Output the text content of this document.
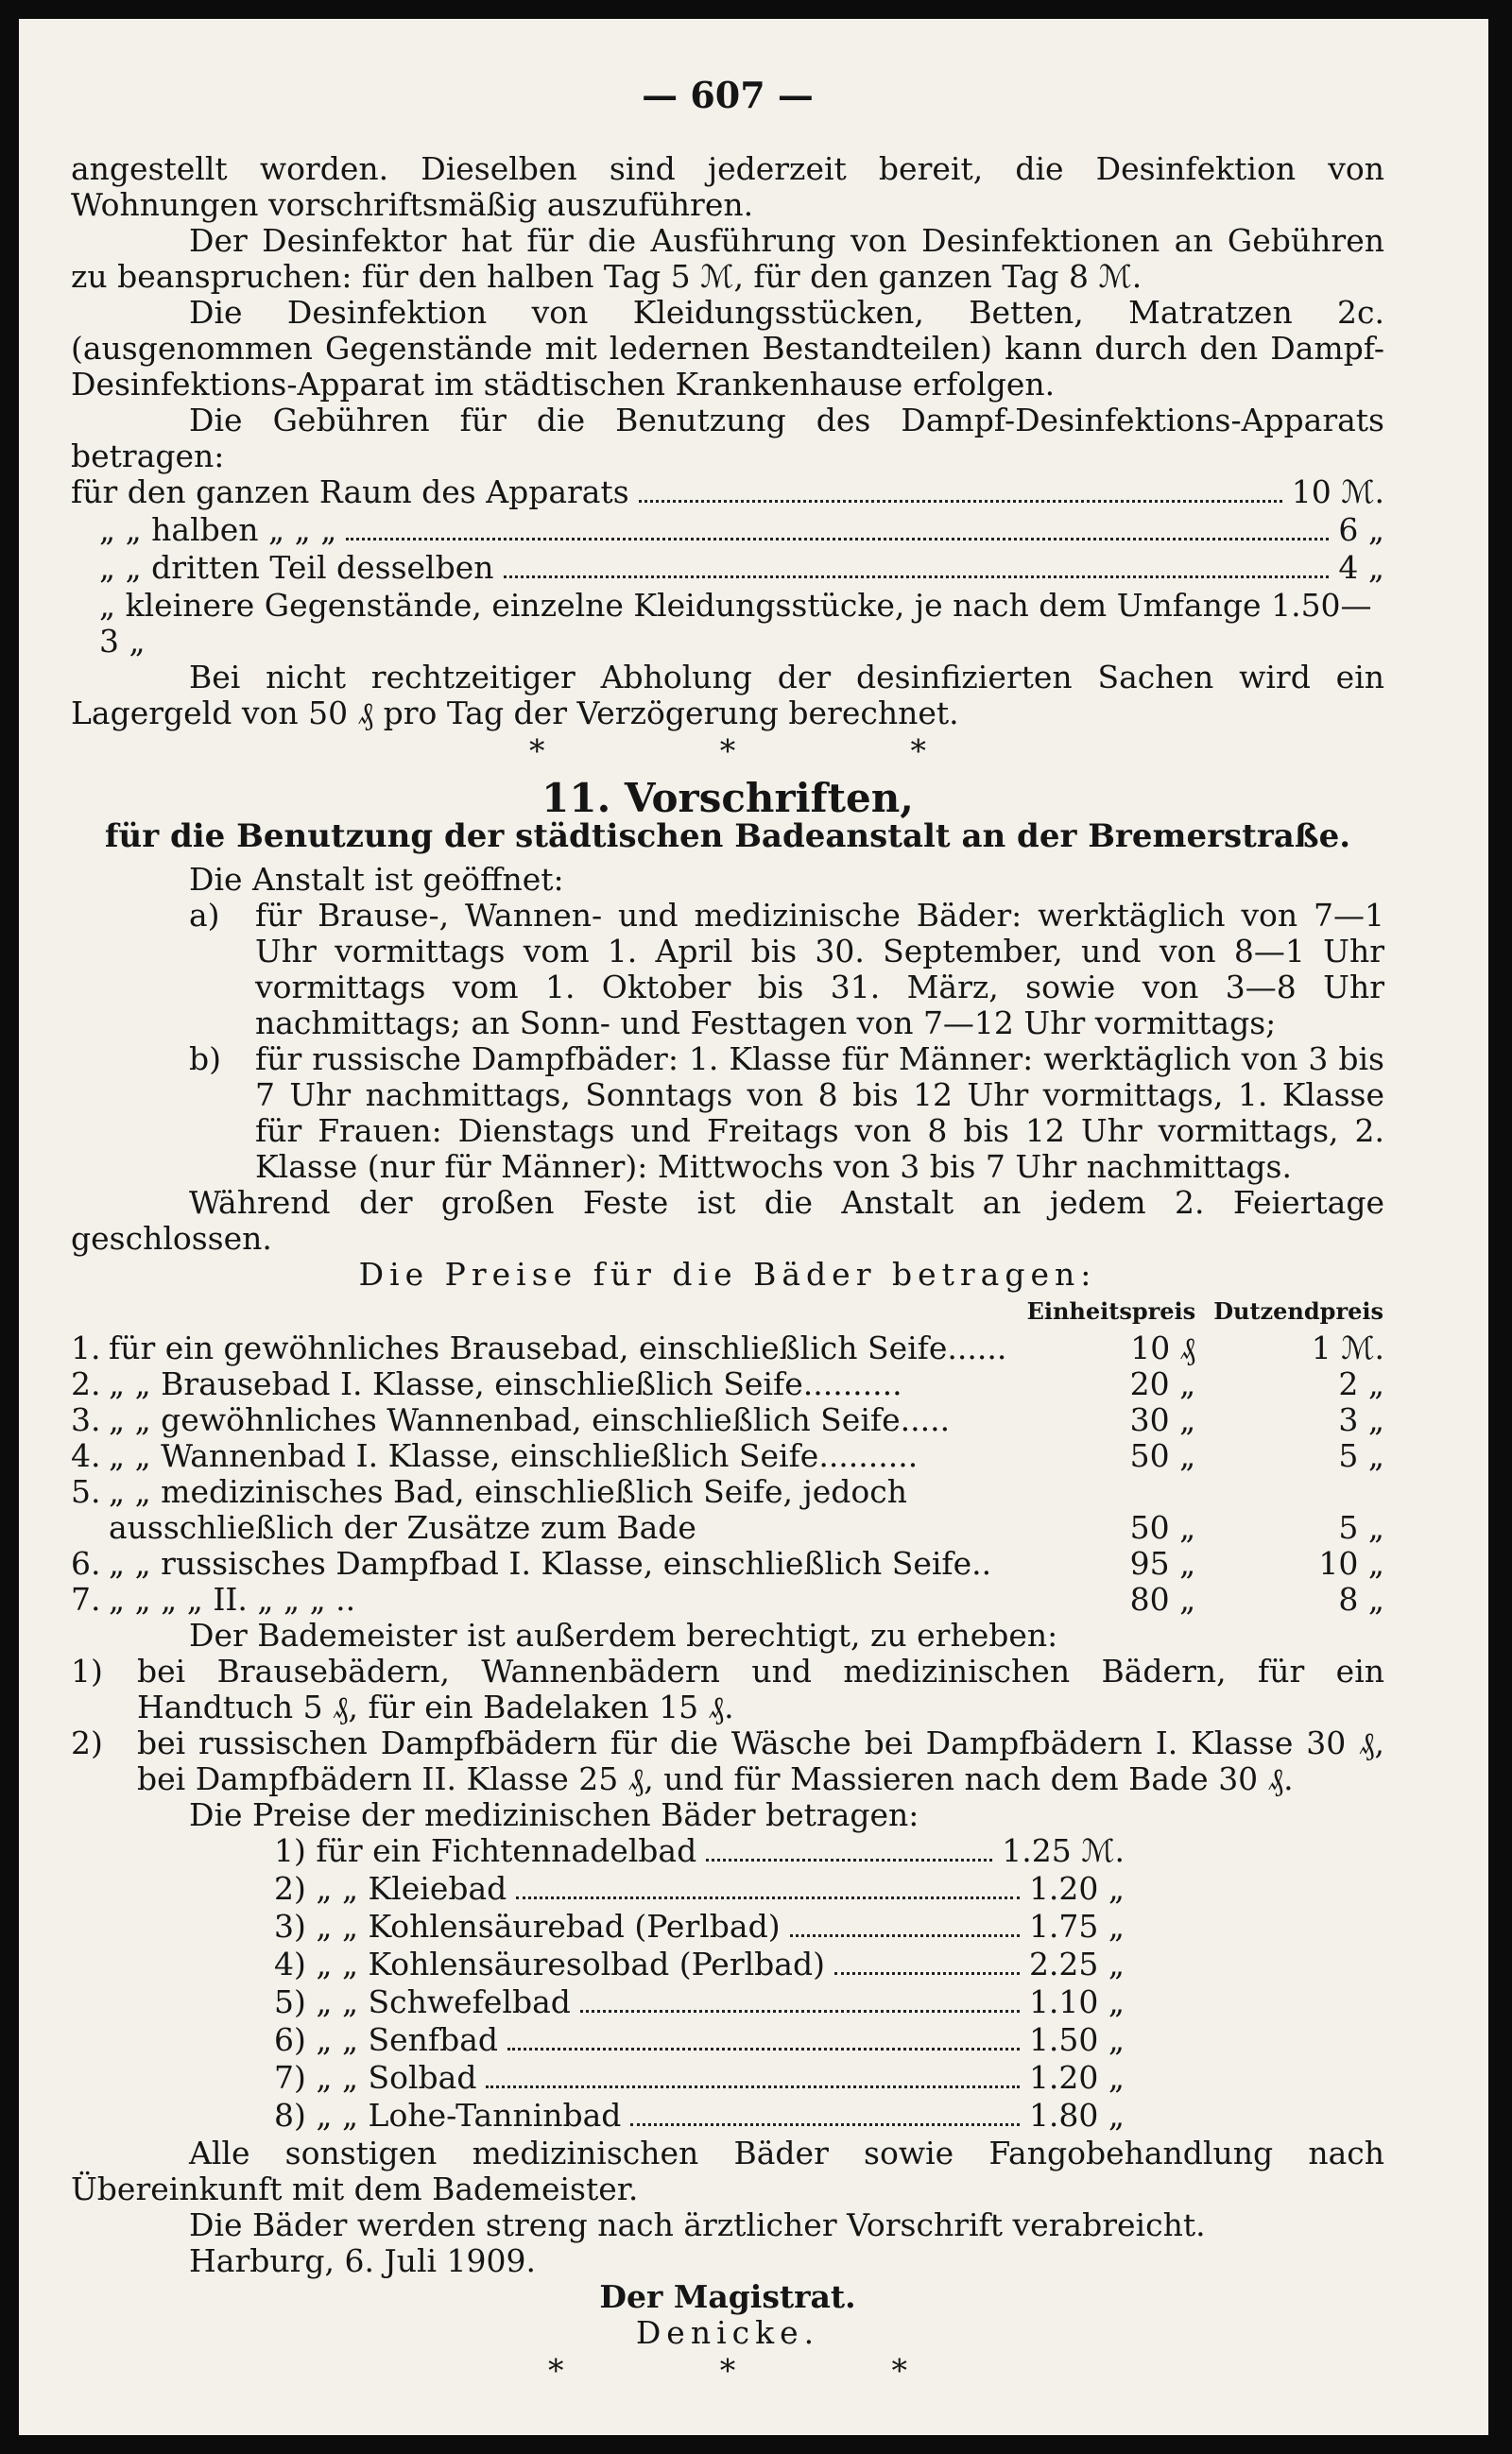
— 607 —

angestellt worden. Dieselben sind jederzeit bereit, die Desinfektion von Wohnungen vorschriftsmäßig auszuführen.

Der Desinfektor hat für die Ausführung von Desinfektionen an Gebühren zu beanspruchen: für den halben Tag 5 ℳ, für den ganzen Tag 8 ℳ.

Die Desinfektion von Kleidungsstücken, Betten, Matratzen 2c. (ausgenommen Gegenstände mit ledernen Bestandteilen) kann durch den Dampf-Desinfektions-Apparat im städtischen Krankenhause erfolgen.

Die Gebühren für die Benutzung des Dampf-Desinfektions-Apparats betragen:

für den ganzen Raum des Apparats	10 ℳ.
„ „ halben „ „ „	6 „
„ „ dritten Teil desselben	4 „
„ kleinere Gegenstände, einzelne Kleidungsstücke, je nach dem Umfange 1.50—3 „

Bei nicht rechtzeitiger Abholung der desinfizierten Sachen wird ein Lagergeld von 50 ₰ pro Tag der Verzögerung berechnet.

*	*	*
11. Vorschriften,
für die Benutzung der städtischen Badeanstalt an der Bremerstraße.

Die Anstalt ist geöffnet:

a)	für Brause-, Wannen- und medizinische Bäder: werktäglich von 7—1 Uhr vormittags vom 1. April bis 30. September, und von 8—1 Uhr vormittags vom 1. Oktober bis 31. März, sowie von 3—8 Uhr nachmittags; an Sonn- und Festtagen von 7—12 Uhr vormittags;

b)	für russische Dampfbäder: 1. Klasse für Männer: werktäglich von 3 bis 7 Uhr nachmittags, Sonntags von 8 bis 12 Uhr vormittags, 1. Klasse für Frauen: Dienstags und Freitags von 8 bis 12 Uhr vormittags, 2. Klasse (nur für Männer): Mittwochs von 3 bis 7 Uhr nachmittags.

Während der großen Feste ist die Anstalt an jedem 2. Feiertage geschlossen.

Die Preise für die Bäder betragen:

		Einheitspreis	Dutzendpreis
1.	für ein gewöhnliches Brausebad, einschließlich Seife......	10 ₰	1 ℳ.
2.	„ „ Brausebad I. Klasse, einschließlich Seife..........	20 „	2 „
3.	„ „ gewöhnliches Wannenbad, einschließlich Seife.....	30 „	3 „
4.	„ „ Wannenbad I. Klasse, einschließlich Seife..........	50 „	5 „
5.	„ „ medizinisches Bad, einschließlich Seife, jedoch ausschließlich der Zusätze zum Bade	50 „	5 „
6.	„ „ russisches Dampfbad I. Klasse, einschließlich Seife..	95 „	10 „
7.	„ „ „ „ II. „ „ „ ..	80 „	8 „

Der Bademeister ist außerdem berechtigt, zu erheben:

1)	bei Brausebädern, Wannenbädern und medizinischen Bädern, für ein Handtuch 5 ₰, für ein Badelaken 15 ₰.

2)	bei russischen Dampfbädern für die Wäsche bei Dampfbädern I. Klasse 30 ₰, bei Dampfbädern II. Klasse 25 ₰, und für Massieren nach dem Bade 30 ₰.

Die Preise der medizinischen Bäder betragen:

1) für ein Fichtennadelbad	1.25 ℳ.
2) „ „ Kleiebad	1.20 „
3) „ „ Kohlensäurebad (Perlbad)	1.75 „
4) „ „ Kohlensäuresolbad (Perlbad)	2.25 „
5) „ „ Schwefelbad	1.10 „
6) „ „ Senfbad	1.50 „
7) „ „ Solbad	1.20 „
8) „ „ Lohe-Tanninbad	1.80 „

Alle sonstigen medizinischen Bäder sowie Fangobehandlung nach Übereinkunft mit dem Bademeister.

Die Bäder werden streng nach ärztlicher Vorschrift verabreicht.

Harburg, 6. Juli 1909.

Der Magistrat.
Denicke.
*	*	*
